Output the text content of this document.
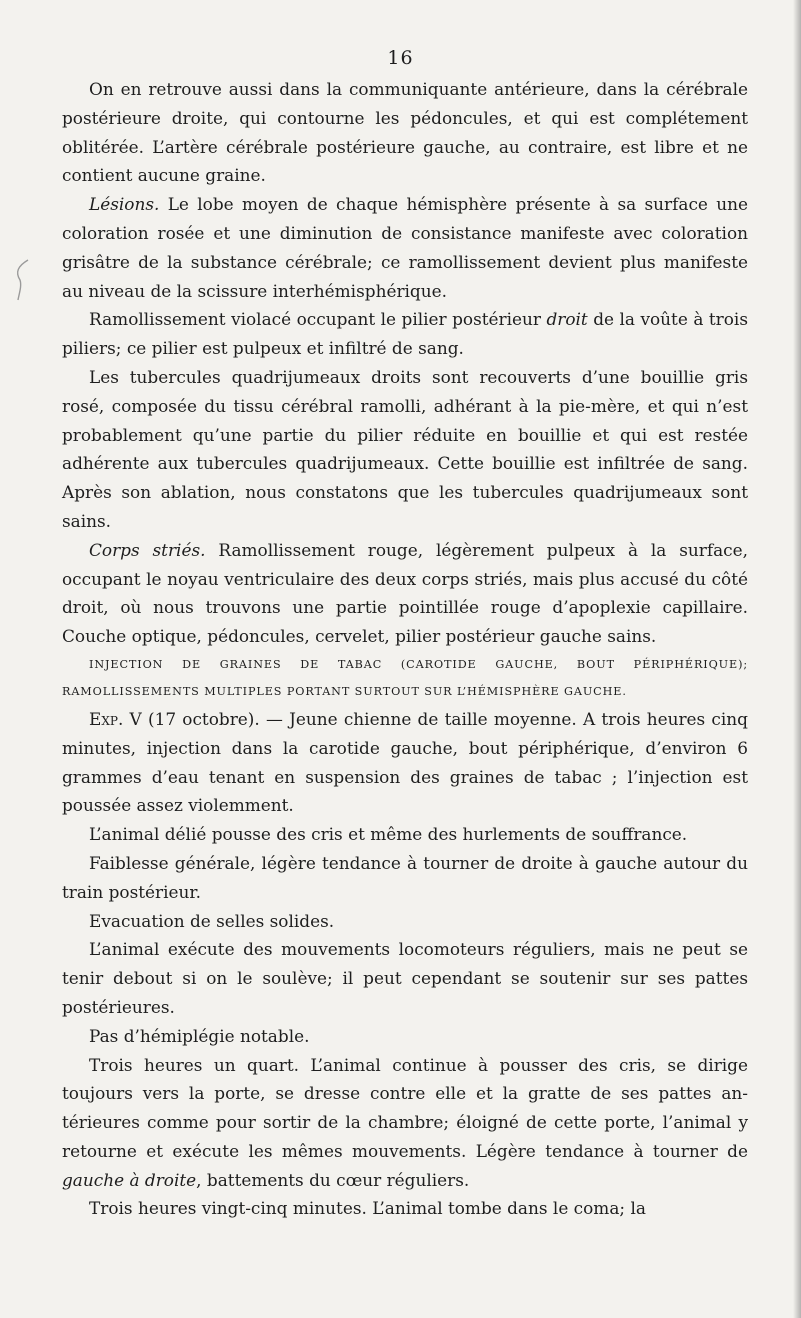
16

On en retrouve aussi dans la communiquante antérieure, dans la cérébrale postérieure droite, qui contourne les pédoncules, et qui est complétement oblitérée. L’artère cérébrale postérieure gauche, au contraire, est libre et ne contient aucune graine.

Lésions. Le lobe moyen de chaque hémisphère présente à sa surface une coloration rosée et une diminution de consistance manifeste avec coloration grisâtre de la substance cérébrale; ce ramollissement devient plus manifeste au niveau de la scissure interhémisphérique.

Ramollissement violacé occupant le pilier postérieur droit de la voûte à trois piliers; ce pilier est pulpeux et infiltré de sang.

Les tubercules quadrijumeaux droits sont recouverts d’une bouillie gris rosé, composée du tissu cérébral ramolli, adhérant à la pie-mère, et qui n’est probablement qu’une partie du pilier réduite en bouillie et qui est restée adhérente aux tubercules quadrijumeaux. Cette bouillie est infiltrée de sang. Après son ablation, nous constatons que les tubercules quadrijumeaux sont sains.

Corps striés. Ramollissement rouge, légèrement pulpeux à la surface, occupant le noyau ventriculaire des deux corps striés, mais plus accusé du côté droit, où nous trouvons une partie pointillée rouge d’apoplexie capillaire. Couche optique, pédoncules, cervelet, pilier postérieur gauche sains.

INJECTION DE GRAINES DE TABAC (CAROTIDE GAUCHE, BOUT PÉRIPHÉRIQUE); RAMOLLISSEMENTS MULTIPLES PORTANT SURTOUT SUR L’HÉMISPHÈRE GAUCHE.

Exp. V (17 octobre). — Jeune chienne de taille moyenne. A trois heures cinq minutes, injection dans la carotide gauche, bout périphérique, d’environ 6 grammes d’eau tenant en suspension des graines de tabac ; l’injection est poussée assez violemment.

L’animal délié pousse des cris et même des hurlements de souffrance.

Faiblesse générale, légère tendance à tourner de droite à gauche autour du train postérieur.

Evacuation de selles solides.

L’animal exécute des mouvements locomoteurs réguliers, mais ne peut se tenir debout si on le soulève; il peut cependant se soutenir sur ses pattes postérieures.

Pas d’hémiplégie notable.

Trois heures un quart. L’animal continue à pousser des cris, se dirige toujours vers la porte, se dresse contre elle et la gratte de ses pattes antérieures comme pour sortir de la chambre; éloigné de cette porte, l’animal y retourne et exécute les mêmes mouvements. Légère tendance à tourner de gauche à droite, battements du cœur réguliers.

Trois heures vingt-cinq minutes. L’animal tombe dans le coma; la
